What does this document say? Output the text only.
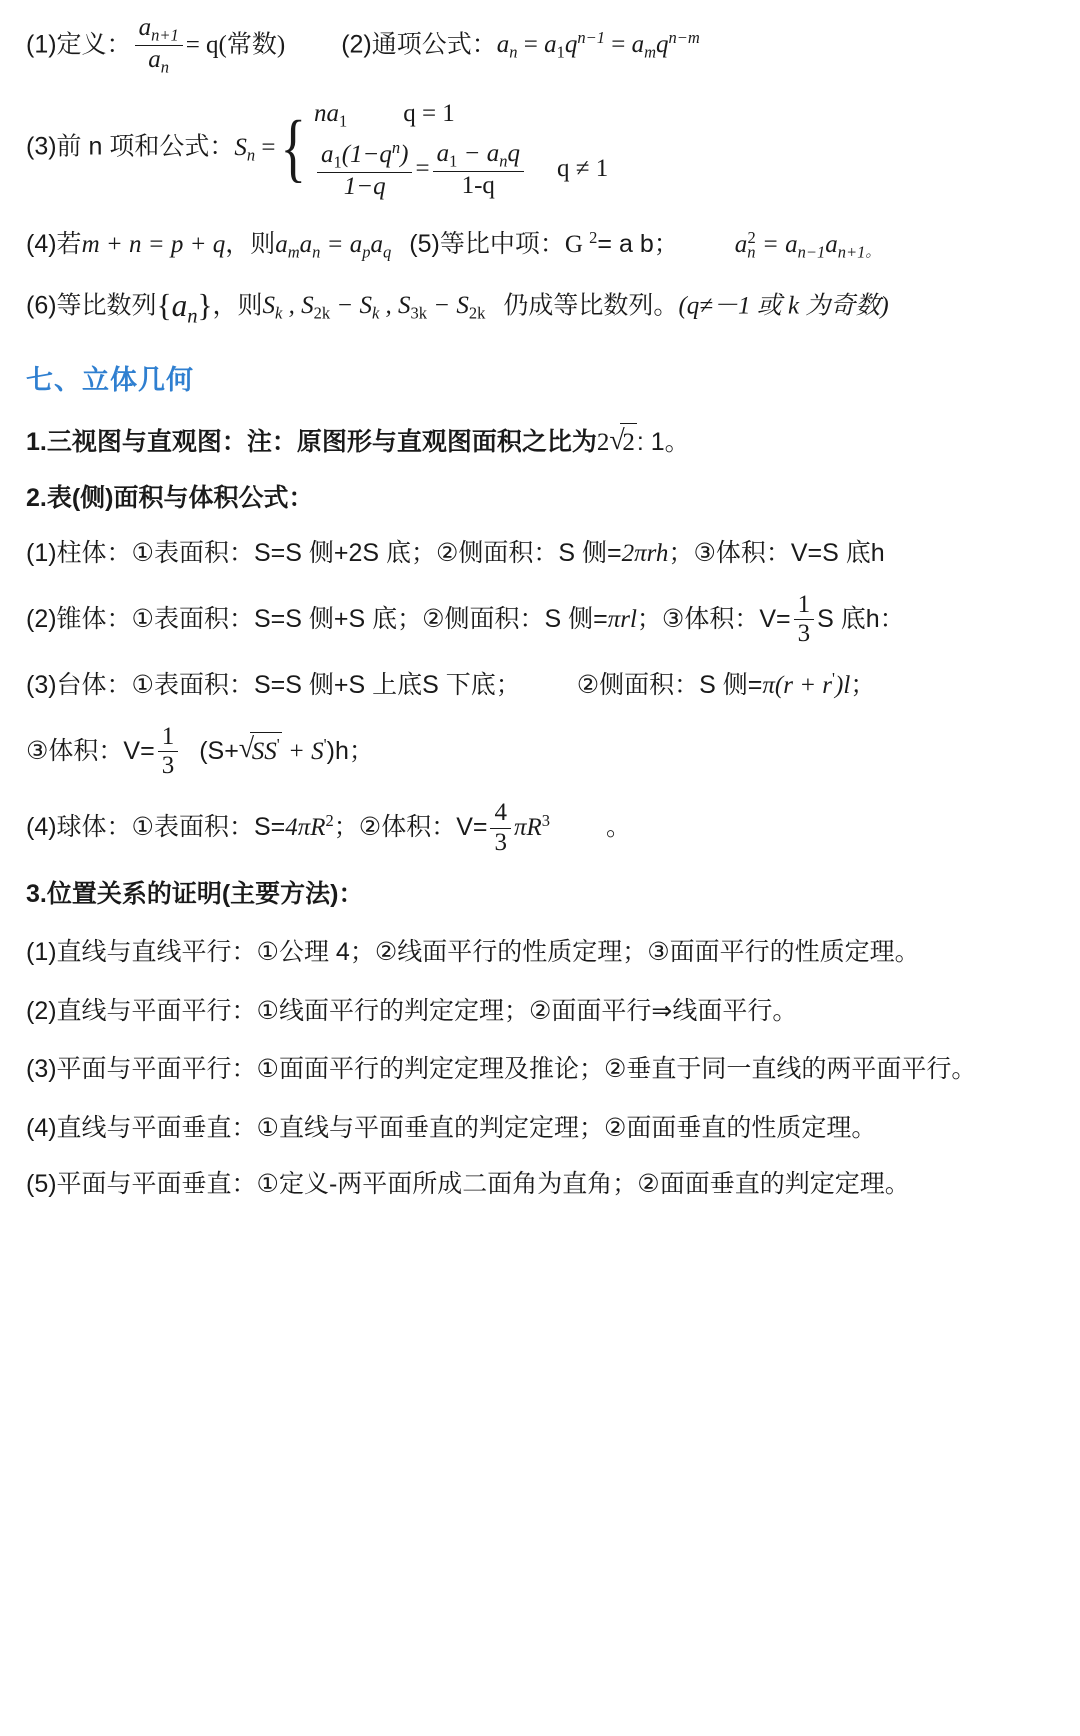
(1)定义： $\frac{a_{n+1}}{a_n} = q$(常数) (2)通项公式：$a_n = a_1q^{n-1} = a_mq^{n-m}$
(3)前 n 项和公式：$S_n$ = { $na_1$ q = 1
$\frac{a_1(1-q^n)}{1-q} = \frac{a_1 - a_nq}{1-q}$ q ≠ 1
(4)若m + n = p + q，则$a_ma_n = a_pa_q$ (5)等比中项：G $^2$= a b； $a_n^2 = a_{n-1}a_{n+1}$。
(6)等比数列$\{a_n\}$，则$S_k$ , $S_{2k} - S_k$ , $S_{3k} - S_{2k}$ 仍成等比数列。(q≠－1 或 k 为奇数)
七、立体几何
1.三视图与直观图：注：原图形与直观图面积之比为2 √ 2: 1。
2.表(侧)面积与体积公式：
(1)柱体：①表面积：S=S 侧+2S 底；②侧面积：S 侧=2πrh；③体积：V=S 底h
(2)锥体：①表面积：S=S 侧+S 底；②侧面积：S 侧=πrl；③体积：$V= \frac{1}{3}$ S 底h：
(3)台体：①表面积：S=S 侧+S 上底S 下底； ②侧面积：S 侧=π(r + r')l；
③体积：$V= \frac{1}{3} (S+$ √ SS' + S')h；
(4)球体：①表面积：$S=4\pi R^2$；②体积：$V= \frac{4}{3} \pi R^3$ 。
3.位置关系的证明(主要方法)：
(1)直线与直线平行：①公理 4；②线面平行的性质定理；③面面平行的性质定理。
(2)直线与平面平行：①线面平行的判定定理；②面面平行⇒线面平行。
(3)平面与平面平行：①面面平行的判定定理及推论；②垂直于同一直线的两平面平行。
(4)直线与平面垂直：①直线与平面垂直的判定定理；②面面垂直的性质定理。
(5)平面与平面垂直：①定义-两平面所成二面角为直角；②面面垂直的判定定理。
